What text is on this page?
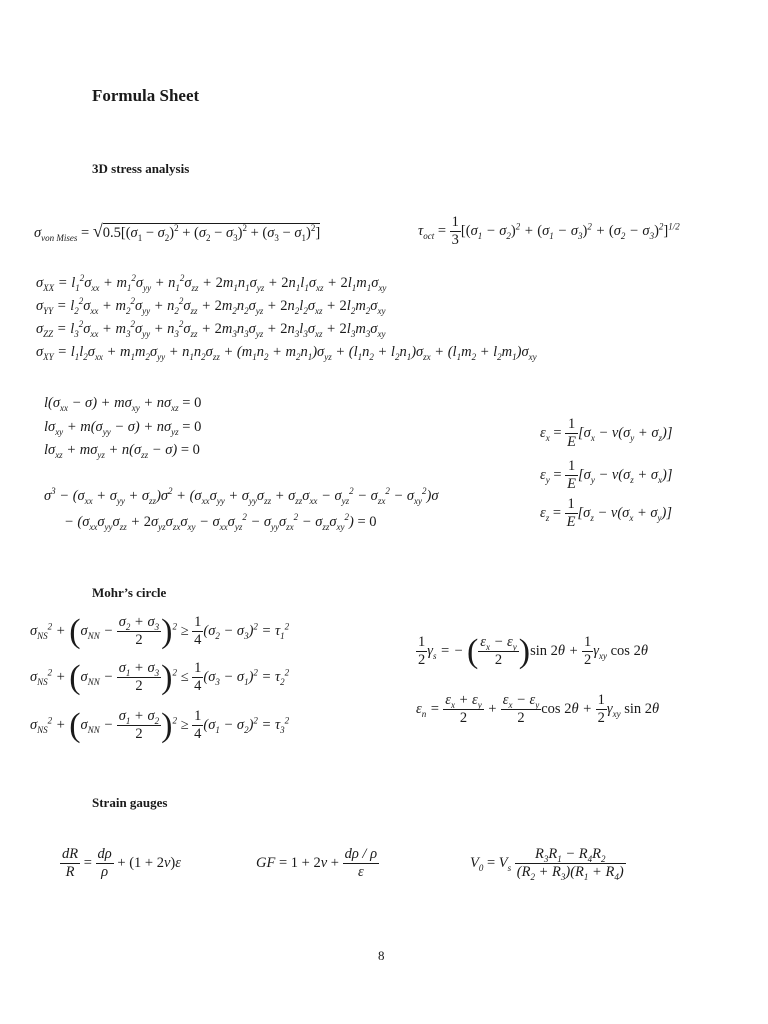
Formula Sheet
3D stress analysis
$\sigma_{von Mises} = √0.5[(\sigma_1 - \sigma_2)^2 + (\sigma_2 - \sigma_3)^2 + (\sigma_3 - \sigma_1)^2]$	$\tau_{oct} = \frac{1}{3} [(\sigma_1 - \sigma_2)^2 + (\sigma_1 - \sigma_3)^2 + (\sigma_2 - \sigma_3)^2]^{1/2}$
$\sigma_{XX} = l_1^2\sigma_{xx} + m_1^2\sigma_{yy} + n_1^2\sigma_{zz} + 2m_1n_1\sigma_{yz} + 2n_1l_1\sigma_{xz} + 2l_1m_1\sigma_{xy}$
$\sigma_{YY} = l_2^2\sigma_{xx} + m_2^2\sigma_{yy} + n_2^2\sigma_{zz} + 2m_2n_2\sigma_{yz} + 2n_2l_2\sigma_{xz} + 2l_2m_2\sigma_{xy}$
$\sigma_{ZZ} = l_3^2\sigma_{xx} + m_3^2\sigma_{yy} + n_3^2\sigma_{zz} + 2m_3n_3\sigma_{yz} + 2n_3l_3\sigma_{xz} + 2l_3m_3\sigma_{xy}$
$\sigma_{XY} = l_1l_2\sigma_{xx} + m_1m_2\sigma_{yy} + n_1n_2\sigma_{zz} + (m_1n_2 + m_2n_1)\sigma_{yz} + (l_1n_2 + l_2n_1)\sigma_{zx} + (l_1m_2 + l_2m_1)\sigma_{xy}$
$l(\sigma_{xx} - \sigma) + m\sigma_{xy} + n\sigma_{xz} = 0$
$l\sigma_{xy} + m(\sigma_{yy} - \sigma) + n\sigma_{yz} = 0$
$l\sigma_{xz} + m\sigma_{yz} + n(\sigma_{zz} - \sigma) = 0$
$\sigma^3 - (\sigma_{xx} + \sigma_{yy} + \sigma_{zz})\sigma^2 + (\sigma_{xx}\sigma_{yy} + \sigma_{yy}\sigma_{zz} + \sigma_{zz}\sigma_{xx} - \sigma_{yz}^2 - \sigma_{zx}^2 - \sigma_{xy}^2)\sigma$
− $(\sigma_{xx}\sigma_{yy}\sigma_{zz} + 2\sigma_{yz}\sigma_{zx}\sigma_{xy} - \sigma_{xx}\sigma_{yz}^2 - \sigma_{yy}\sigma_{zx}^2 - \sigma_{zz}\sigma_{xy}^2) = 0$
$\varepsilon_x = \frac{1}{E} [\sigma_x - v(\sigma_y + \sigma_z)]$
$\varepsilon_y = \frac{1}{E} [\sigma_y - v(\sigma_z + \sigma_x)]$
$\varepsilon_z = \frac{1}{E} [\sigma_z - v(\sigma_x + \sigma_y)]$
Mohr’s circle
$\sigma_{NS}^2 + (\sigma_{NN} - \frac{\sigma_2 + \sigma_3}{2} )^2 \ge \frac{1}{4} (\sigma_2 - \sigma_3)^2 = \tau_1^2$
$\sigma_{NS}^2 + (\sigma_{NN} - \frac{\sigma_1 + \sigma_3}{2} )^2 \le \frac{1}{4} (\sigma_3 - \sigma_1)^2 = \tau_2^2$
$\sigma_{NS}^2 + (\sigma_{NN} - \frac{\sigma_1 + \sigma_2}{2} )^2 \ge \frac{1}{4} (\sigma_1 - \sigma_2)^2 = \tau_3^2$
$\frac{1}{2} \gamma_s$ = − ( $\frac{\varepsilon_x - \varepsilon_y}{2} )\sin$ $2\theta + \frac{1}{2} \gamma_{xy}$ cos 2θ
$\varepsilon_n = \frac{\varepsilon_x + \varepsilon_y}{2} + \frac{\varepsilon_x - \varepsilon_y}{2}$ $\cos 2\theta + \frac{1}{2} \gamma_{xy}$ sin 2θ
Strain gauges
$\frac{dR}{R} = \frac{d\rho}{\rho} + (1 + 2v)\varepsilon$	GF = $1 + 2v + \frac{d\rho / \rho}{\varepsilon}$	$V_0 = V_s \frac{R_3R_1 - R_4R_2}{(R_2 + R_3)(R_1 + R_4)}$
8
